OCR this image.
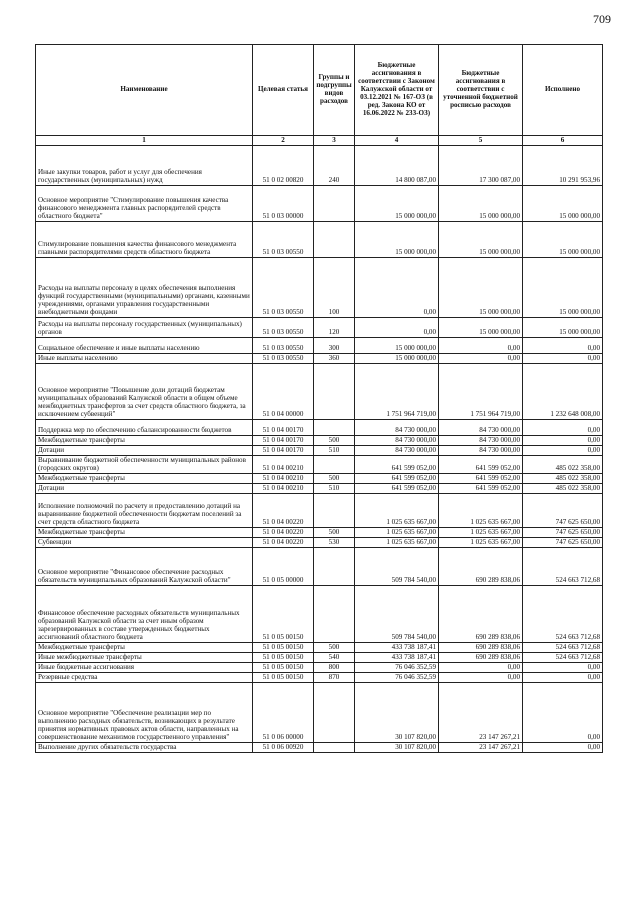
709
Наименование	Целевая статья	Группы и подгруппы видов расходов	Бюджетные ассигнования в соответствии с Законом Калужской области от 03.12.2021 № 167-ОЗ (в ред. Закона КО от 16.06.2022 № 233-ОЗ)	Бюджетные ассигнования в соответствии с уточненной бюджетной росписью расходов	Исполнено
1	2	3	4	5	6
Иные закупки товаров, работ и услуг для обеспечения государственных (муниципальных) нужд	51 0 02 00820	240	14 800 087,00	17 300 087,00	10 291 953,96
Основное мероприятие "Стимулирование повышения качества финансового менеджмента главных распорядителей средств областного бюджета"	51 0 03 00000		15 000 000,00	15 000 000,00	15 000 000,00
Стимулирование повышения качества финансового менеджмента главными распорядителями средств областного бюджета	51 0 03 00550		15 000 000,00	15 000 000,00	15 000 000,00
Расходы на выплаты персоналу в целях обеспечения выполнения функций государственными (муниципальными) органами, казенными учреждениями, органами управления государственными внебюджетными фондами	51 0 03 00550	100	0,00	15 000 000,00	15 000 000,00
Расходы на выплаты персоналу государственных (муниципальных) органов	51 0 03 00550	120	0,00	15 000 000,00	15 000 000,00
Социальное обеспечение и иные выплаты населению	51 0 03 00550	300	15 000 000,00	0,00	0,00
Иные выплаты населению	51 0 03 00550	360	15 000 000,00	0,00	0,00
Основное мероприятие "Повышение доли дотаций бюджетам муниципальных образований Калужской области в общем объеме межбюджетных трансфертов за счет средств областного бюджета, за исключением субвенций"	51 0 04 00000		1 751 964 719,00	1 751 964 719,00	1 232 648 008,00
Поддержка мер по обеспечению сбалансированности бюджетов	51 0 04 00170		84 730 000,00	84 730 000,00	0,00
Межбюджетные трансферты	51 0 04 00170	500	84 730 000,00	84 730 000,00	0,00
Дотации	51 0 04 00170	510	84 730 000,00	84 730 000,00	0,00
Выравнивание бюджетной обеспеченности муниципальных районов (городских округов)	51 0 04 00210		641 599 052,00	641 599 052,00	485 022 358,00
Межбюджетные трансферты	51 0 04 00210	500	641 599 052,00	641 599 052,00	485 022 358,00
Дотации	51 0 04 00210	510	641 599 052,00	641 599 052,00	485 022 358,00
Исполнение полномочий по расчету и предоставлению дотаций на выравнивание бюджетной обеспеченности бюджетам поселений за счет средств областного бюджета	51 0 04 00220		1 025 635 667,00	1 025 635 667,00	747 625 650,00
Межбюджетные трансферты	51 0 04 00220	500	1 025 635 667,00	1 025 635 667,00	747 625 650,00
Субвенции	51 0 04 00220	530	1 025 635 667,00	1 025 635 667,00	747 625 650,00
Основное мероприятие "Финансовое обеспечение расходных обязательств муниципальных образований Калужской области"	51 0 05 00000		509 784 540,00	690 289 838,06	524 663 712,68
Финансовое обеспечение расходных обязательств муниципальных образований Калужской области за счет иным образом зарезервированных в составе утвержденных бюджетных ассигнований областного бюджета	51 0 05 00150		509 784 540,00	690 289 838,06	524 663 712,68
Межбюджетные трансферты	51 0 05 00150	500	433 738 187,41	690 289 838,06	524 663 712,68
Иные межбюджетные трансферты	51 0 05 00150	540	433 738 187,41	690 289 838,06	524 663 712,68
Иные бюджетные ассигнования	51 0 05 00150	800	76 046 352,59	0,00	0,00
Резервные средства	51 0 05 00150	870	76 046 352,59	0,00	0,00
Основное мероприятие "Обеспечение реализации мер по выполнению расходных обязательств, возникающих в результате принятия нормативных правовых актов области, направленных на совершенствование механизмов государственного управления"	51 0 06 00000		30 107 820,00	23 147 267,21	0,00
Выполнение других обязательств государства	51 0 06 00920		30 107 820,00	23 147 267,21	0,00
